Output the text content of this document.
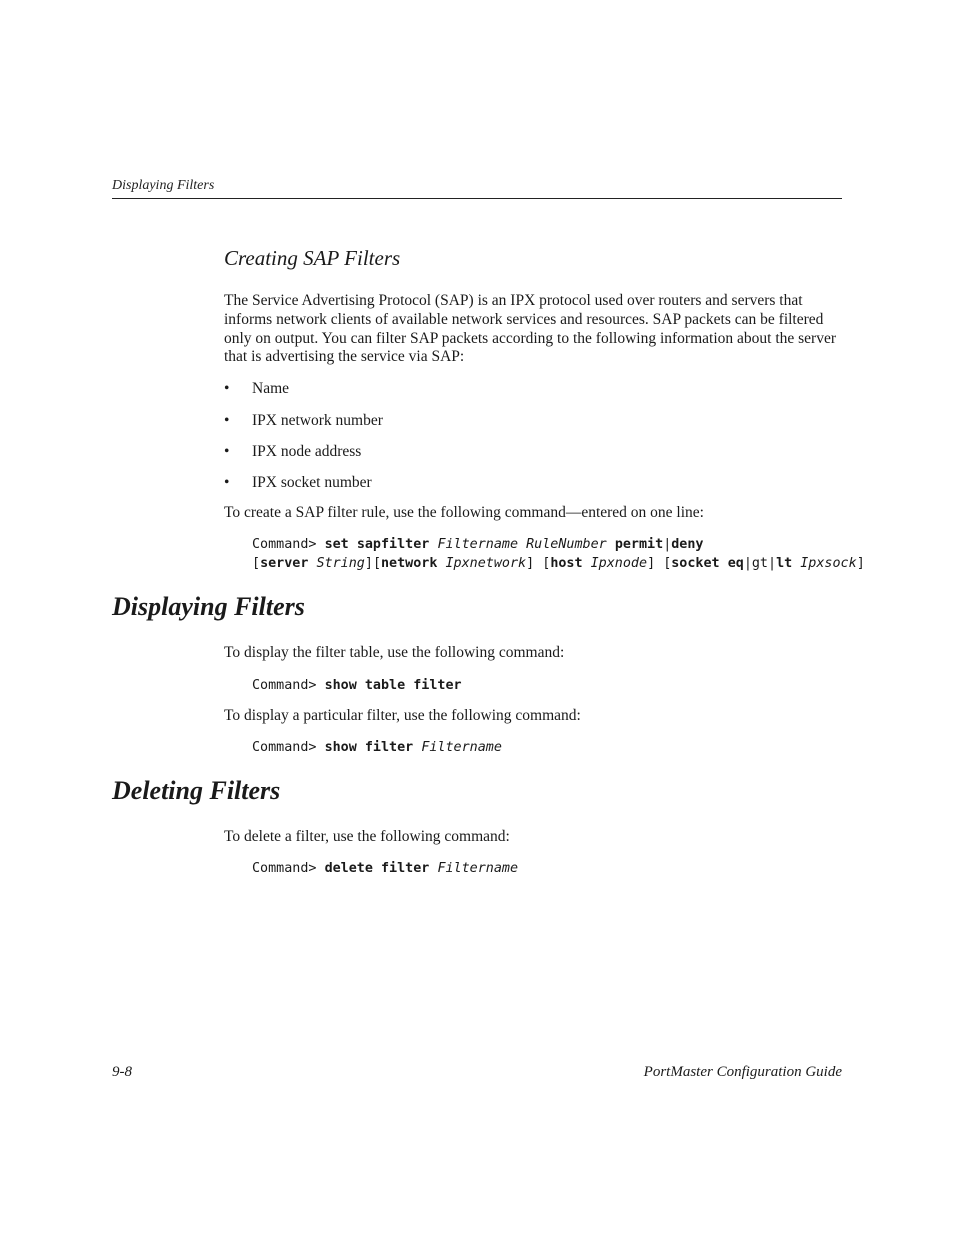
Displaying Filters
Creating SAP Filters
The Service Advertising Protocol (SAP) is an IPX protocol used over routers and servers that informs network clients of available network services and resources. SAP packets can be filtered only on output. You can filter SAP packets according to the following information about the server that is advertising the service via SAP:
• Name
• IPX network number
• IPX node address
• IPX socket number
To create a SAP filter rule, use the following command—entered on one line:
Command> set sapfilter Filtername RuleNumber permit|deny
[server String][network Ipxnetwork] [host Ipxnode] [socket eq|gt|lt Ipxsock]
Displaying Filters
To display the filter table, use the following command:
Command> show table filter
To display a particular filter, use the following command:
Command> show filter Filtername
Deleting Filters
To delete a filter, use the following command:
Command> delete filter Filtername
9-8	PortMaster Configuration Guide
